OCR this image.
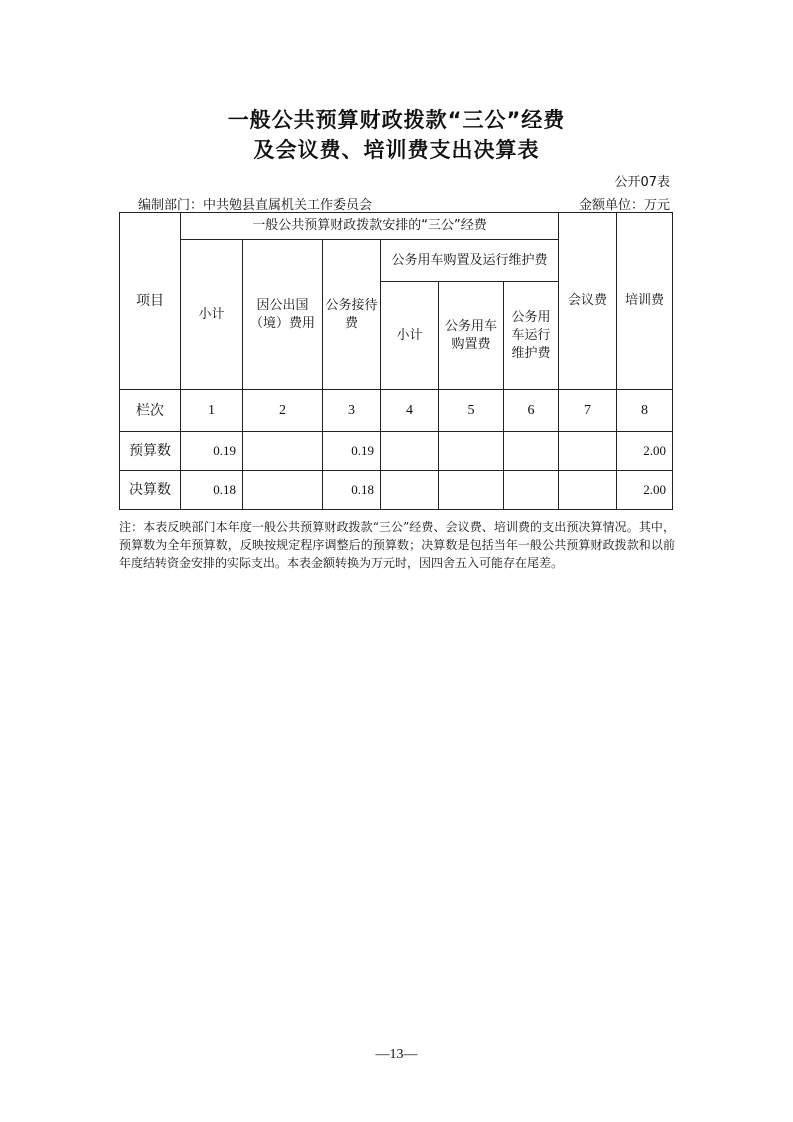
一般公共预算财政拨款“三公”经费
及会议费、培训费支出决算表
公开07表
编制部门：中共勉县直属机关工作委员会	金额单位：万元
项目	一般公共预算财政拨款安排的“三公”经费						会议费	培训费
	小计	因公出国（境）费用	公务接待费	公务用车购置及运行维护费				
				小计	公务用车购置费	公务用车运行维护费		

栏次	1	2	3	4	5	6	7	8
预算数	0.19		0.19					2.00
决算数	0.18		0.18					2.00
注：本表反映部门本年度一般公共预算财政拨款“三公”经费、会议费、培训费的支出预决算情况。其中，预算数为全年预算数，反映按规定程序调整后的预算数；决算数是包括当年一般公共预算财政拨款和以前年度结转资金安排的实际支出。本表金额转换为万元时，因四舍五入可能存在尾差。
—13—
